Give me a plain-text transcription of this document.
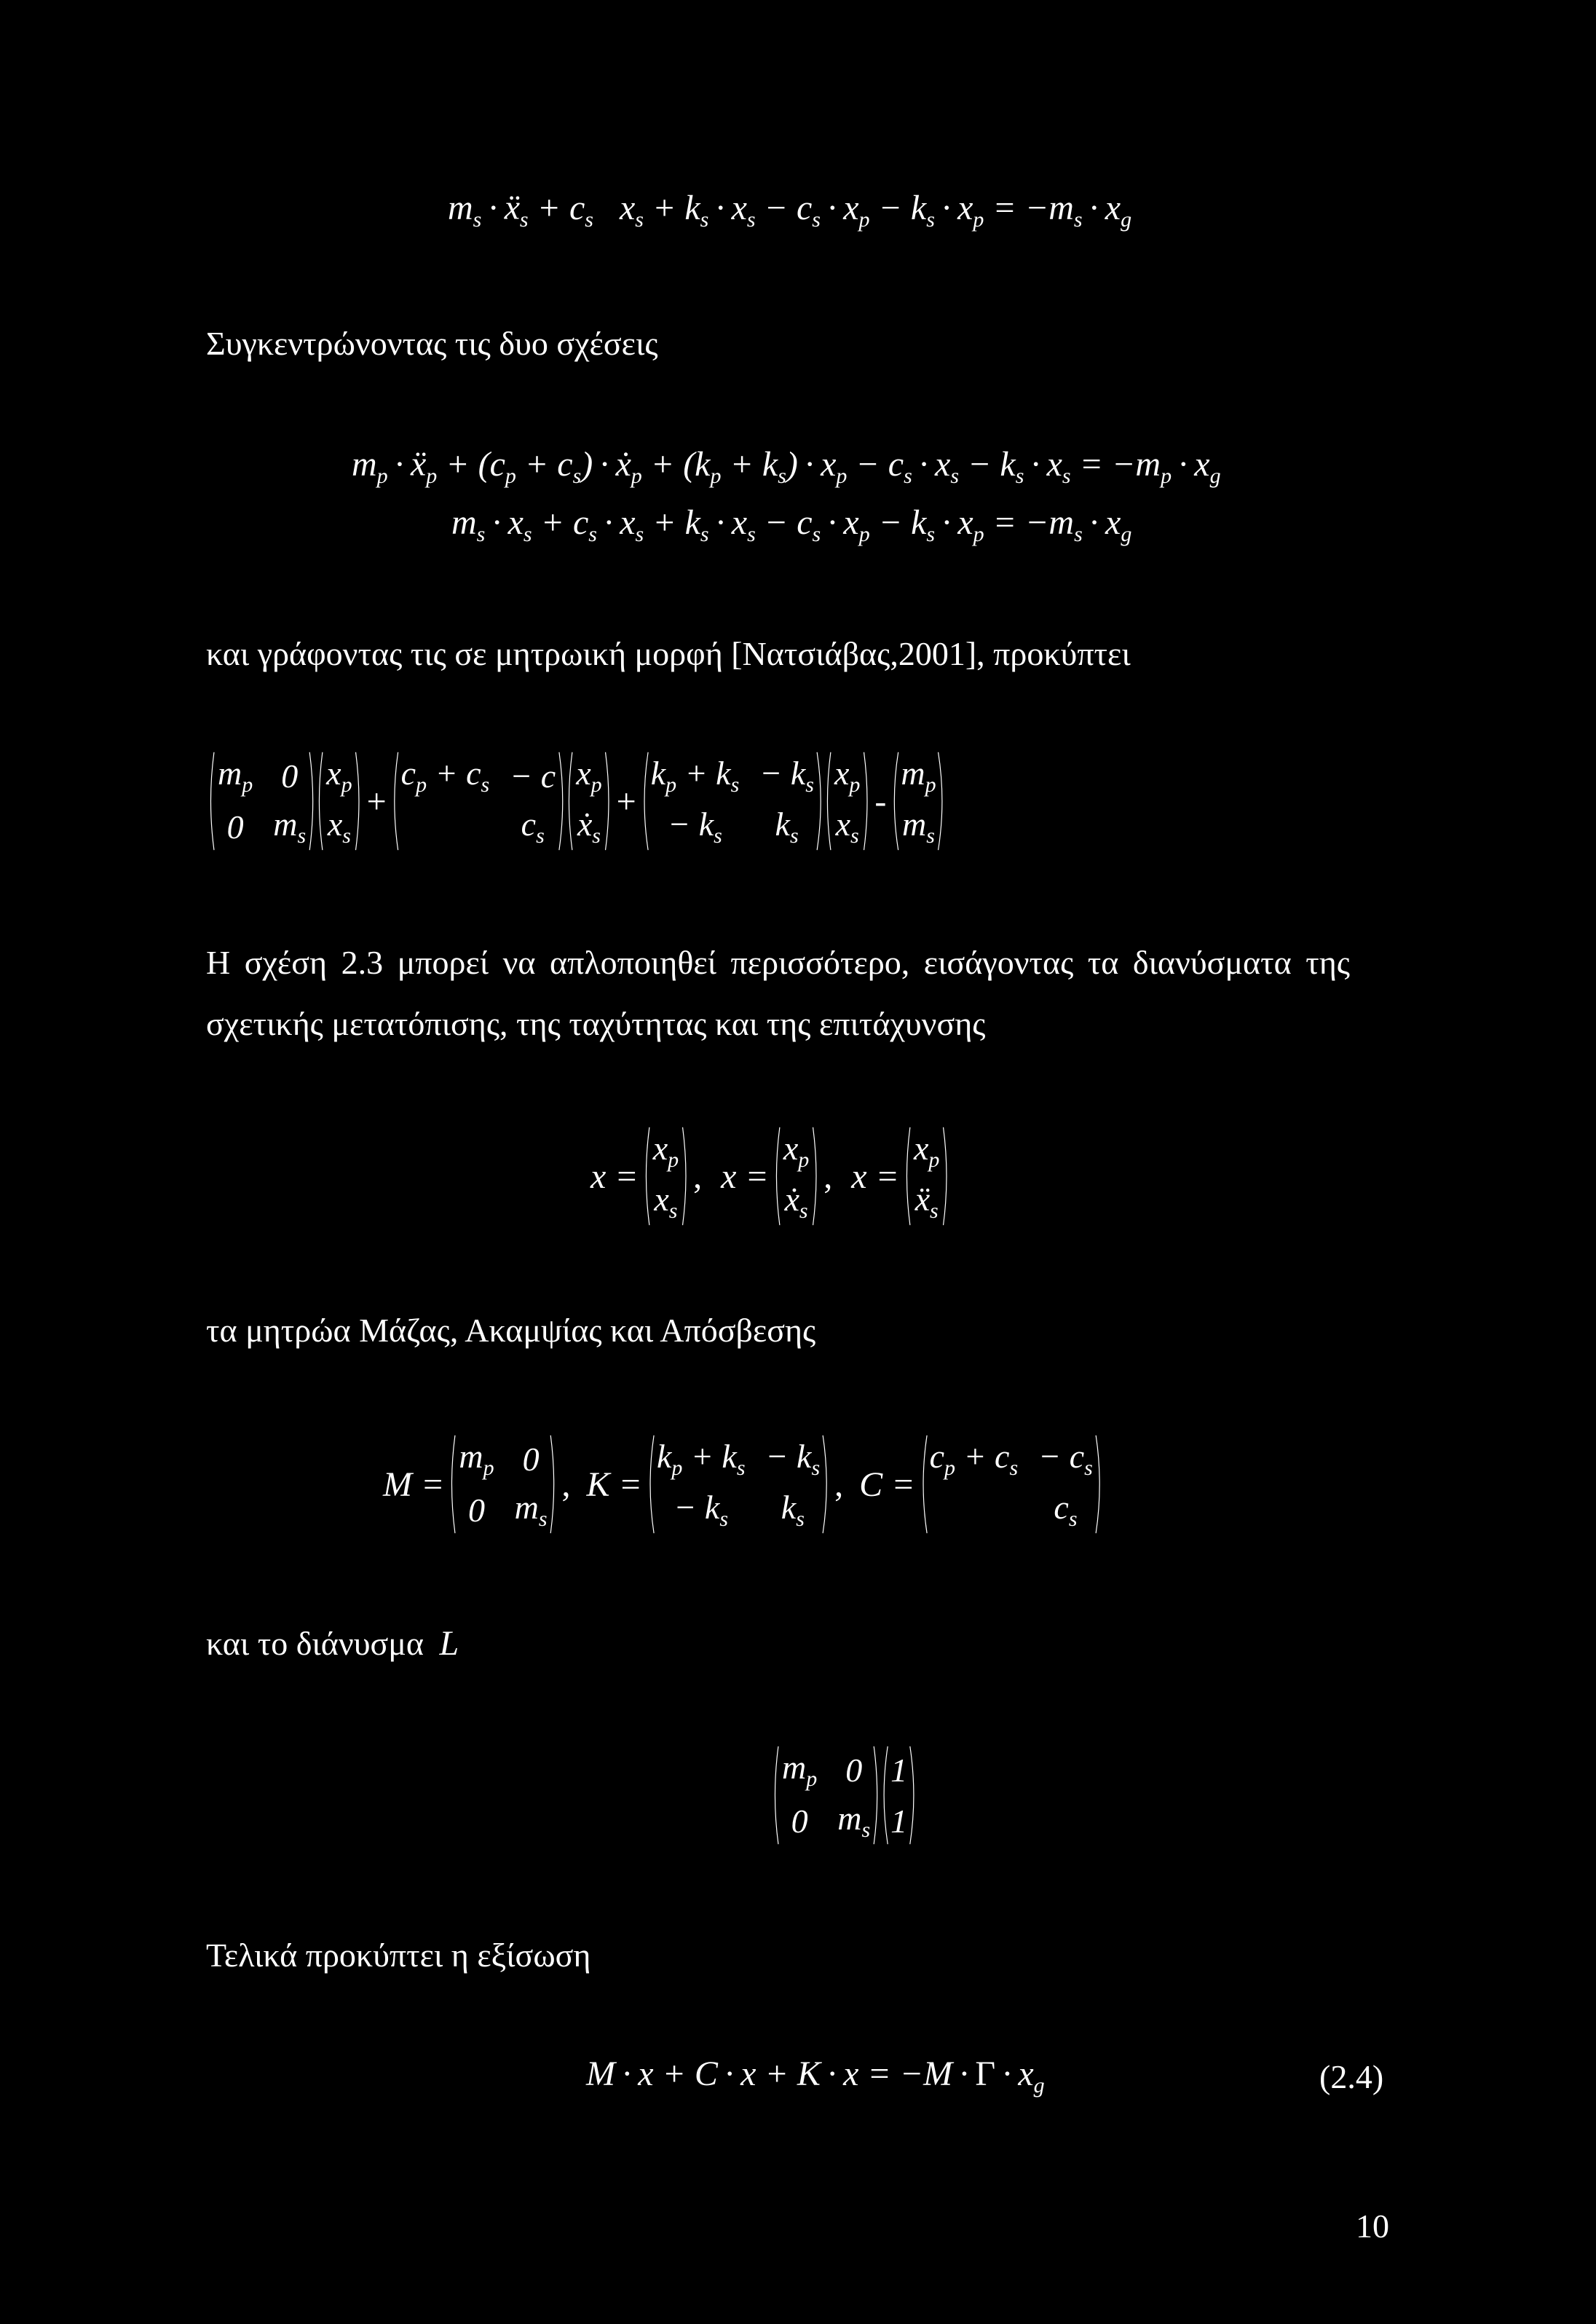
$m_s$ · ẍ$_s$ + $c_s$  $x_s + k_s \cdot x_s - c_s \cdot x_p - k_s \cdot x_p = -m_s \cdot x_g$
Συγκεντρώνοντας τις δυο σχέσεις
$m_p$ · ẍ$_p$ + $(c_p + c_s)$ · ẋ$_p$ + $(k_p + k_s) \cdot x_p - c_s \cdot x_s - k_s \cdot x_s = -m_p \cdot x_g$
$m_s \cdot x_s + c_s \cdot x_s + k_s \cdot x_s - c_s \cdot x_p - k_s \cdot x_p = -m_s \cdot x_g$
και γράφοντας τις σε μητρωική μορφή [Νατσιάβας,2001], προκύπτει
$m_p$	0
0	$m_s$
$x_p$
$x_s$
+
$c_p + c_s$	− c
	$c_s$
$x_p$
ẋ$_s$
+
$k_p + k_s$	− $k_s$
− $k_s$	$k_s$
$x_p$
$x_s$
-
$m_p$
$m_s$
Η σχέση 2.3 μπορεί να απλοποιηθεί περισσότερο, εισάγοντας τα διανύσματα της
σχετικής μετατόπισης, της ταχύτητας και της επιτάχυνσης
x =
$x_p$
$x_s$
, x =
$x_p$
ẋ$_s$
, x =
$x_p$
ẍ$_s$
τα μητρώα Μάζας, Ακαμψίας και Απόσβεσης
M =
$m_p$	0
0	$m_s$
, K =
$k_p + k_s$	− $k_s$
− $k_s$	$k_s$
, C =
$c_p + c_s$	− $c_s$
	$c_s$
και το διάνυσμα L
$m_p$	0
0	$m_s$
1
1
Τελικά προκύπτει η εξίσωση
$M \cdot x + C \cdot x + K \cdot x = -M \cdot \Gamma \cdot x_g$	(2.4)
10
